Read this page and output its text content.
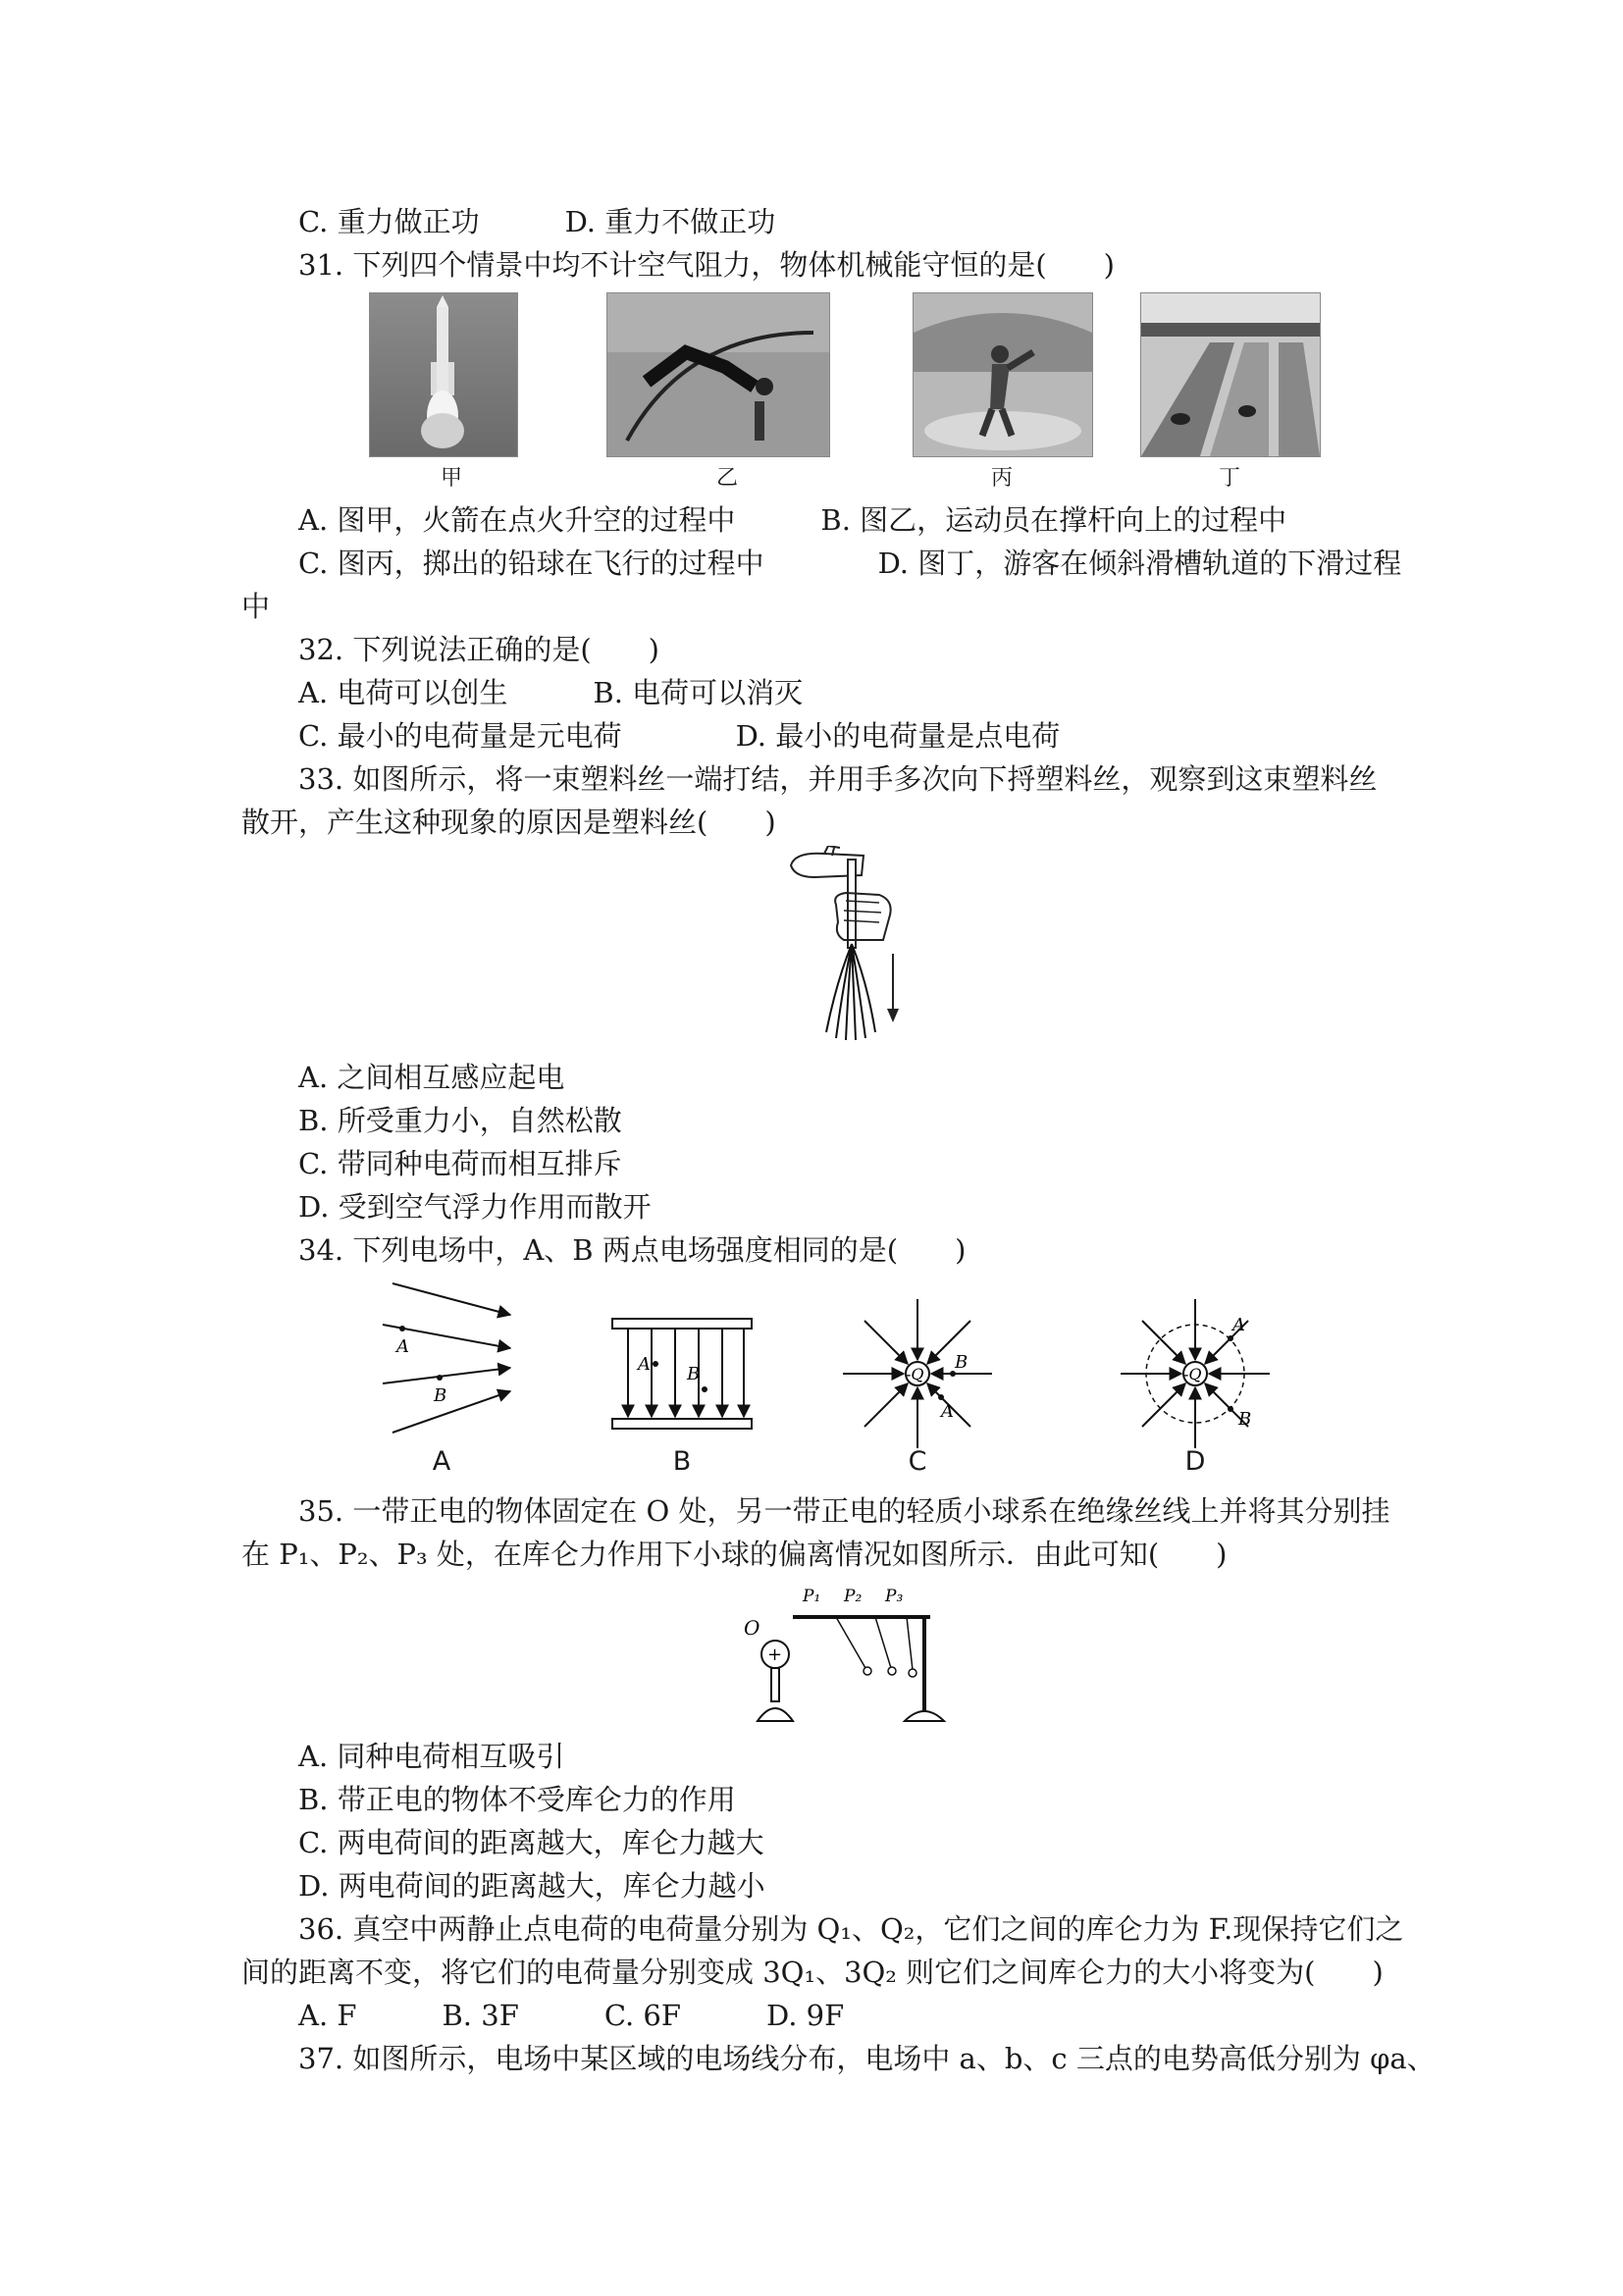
C. 重力做正功　　　D. 重力不做正功
31. 下列四个情景中均不计空气阻力，物体机械能守恒的是(　　)
甲	乙	丙	丁
A. 图甲，火箭在点火升空的过程中　　　B. 图乙，运动员在撑杆向上的过程中
C. 图丙，掷出的铅球在飞行的过程中　　　　D. 图丁，游客在倾斜滑槽轨道的下滑过程
中
32. 下列说法正确的是(　　)
A. 电荷可以创生　　　B. 电荷可以消灭
C. 最小的电荷量是元电荷　　　　D. 最小的电荷量是点电荷
33. 如图所示，将一束塑料丝一端打结，并用手多次向下捋塑料丝，观察到这束塑料丝
散开，产生这种现象的原因是塑料丝(　　)
A. 之间相互感应起电
B. 所受重力小，自然松散
C. 带同种电荷而相互排斥
D. 受到空气浮力作用而散开
34. 下列电场中，A、B 两点电场强度相同的是(　　)
A
B
A
A B
B
-Q
B
A
C
-Q
A
B
D
35. 一带正电的物体固定在 O 处，另一带正电的轻质小球系在绝缘丝线上并将其分别挂
在 P₁、P₂、P₃ 处，在库仑力作用下小球的偏离情况如图所示．由此可知(　　)
O
+
P₁ P₂ P₃
A. 同种电荷相互吸引
B. 带正电的物体不受库仑力的作用
C. 两电荷间的距离越大，库仑力越大
D. 两电荷间的距离越大，库仑力越小
36. 真空中两静止点电荷的电荷量分别为 Q₁、Q₂，它们之间的库仑力为 F.现保持它们之
间的距离不变，将它们的电荷量分别变成 3Q₁、3Q₂ 则它们之间库仑力的大小将变为(　　)
A. F　　　B. 3F　　　C. 6F　　　D. 9F
37. 如图所示，电场中某区域的电场线分布，电场中 a、b、c 三点的电势高低分别为 φa、
